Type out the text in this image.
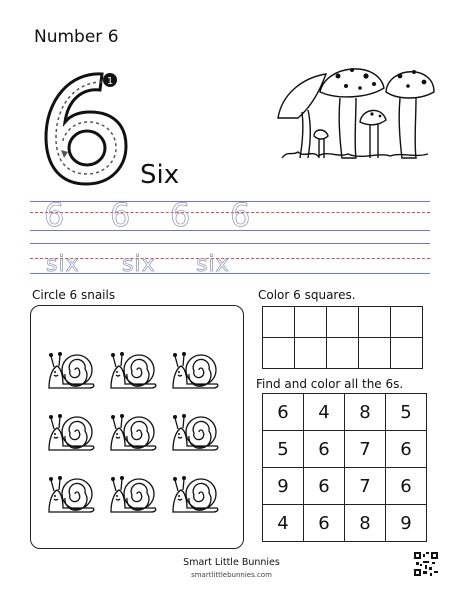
Number 6
1
Six
6 6 6 6
six six six
Circle 6 snails	Color 6 squares.

Find and color all the 6s.
6	4	8	5
5	6	7	6
9	6	7	6
4	6	8	9
Smart Little Bunnies
smartlittlebunnies.com
